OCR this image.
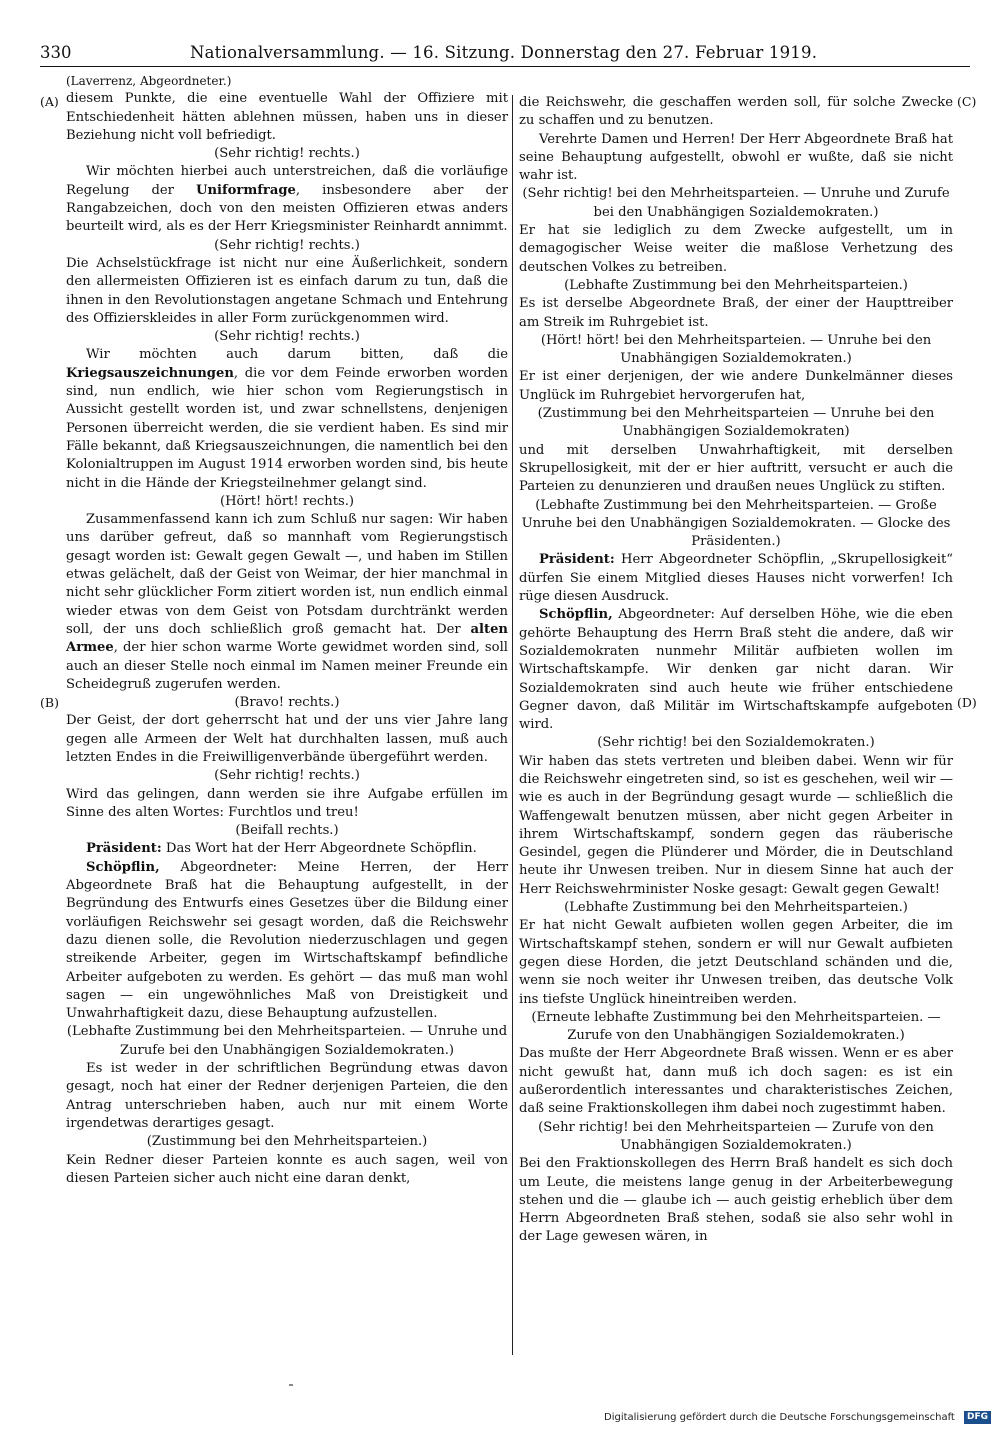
330	Nationalversammlung. — 16. Sitzung. Donnerstag den 27. Februar 1919.
(A)
(B)
(C)
(D)

(Laverrenz, Abgeordneter.)

diesem Punkte, die eine eventuelle Wahl der Offiziere mit Entschiedenheit hätten ablehnen müssen, haben uns in dieser Beziehung nicht voll befriedigt.

(Sehr richtig! rechts.)

Wir möchten hierbei auch unterstreichen, daß die vorläufige Regelung der Uniformfrage, insbesondere aber der Rangabzeichen, doch von den meisten Offizieren etwas anders beurteilt wird, als es der Herr Kriegsminister Reinhardt annimmt.

(Sehr richtig! rechts.)

Die Achselstückfrage ist nicht nur eine Äußerlichkeit, sondern den allermeisten Offizieren ist es einfach darum zu tun, daß die ihnen in den Revolutionstagen angetane Schmach und Entehrung des Offizierskleides in aller Form zurückgenommen wird.

(Sehr richtig! rechts.)

Wir möchten auch darum bitten, daß die Kriegsauszeichnungen, die vor dem Feinde erworben worden sind, nun endlich, wie hier schon vom Regierungstisch in Aussicht gestellt worden ist, und zwar schnellstens, denjenigen Personen überreicht werden, die sie verdient haben. Es sind mir Fälle bekannt, daß Kriegsauszeichnungen, die namentlich bei den Kolonialtruppen im August 1914 erworben worden sind, bis heute nicht in die Hände der Kriegsteilnehmer gelangt sind.

(Hört! hört! rechts.)

Zusammenfassend kann ich zum Schluß nur sagen: Wir haben uns darüber gefreut, daß so mannhaft vom Regierungstisch gesagt worden ist: Gewalt gegen Gewalt —, und haben im Stillen etwas gelächelt, daß der Geist von Weimar, der hier manchmal in nicht sehr glücklicher Form zitiert worden ist, nun endlich einmal wieder etwas von dem Geist von Potsdam durchtränkt werden soll, der uns doch schließlich groß gemacht hat. Der alten Armee, der hier schon warme Worte gewidmet worden sind, soll auch an dieser Stelle noch einmal im Namen meiner Freunde ein Scheidegruß zugerufen werden.

(Bravo! rechts.)

Der Geist, der dort geherrscht hat und der uns vier Jahre lang gegen alle Armeen der Welt hat durchhalten lassen, muß auch letzten Endes in die Freiwilligenverbände übergeführt werden.

(Sehr richtig! rechts.)

Wird das gelingen, dann werden sie ihre Aufgabe erfüllen im Sinne des alten Wortes: Furchtlos und treu!

(Beifall rechts.)

Präsident: Das Wort hat der Herr Abgeordnete Schöpflin.

Schöpflin, Abgeordneter: Meine Herren, der Herr Abgeordnete Braß hat die Behauptung aufgestellt, in der Begründung des Entwurfs eines Gesetzes über die Bildung einer vorläufigen Reichswehr sei gesagt worden, daß die Reichswehr dazu dienen solle, die Revolution niederzuschlagen und gegen streikende Arbeiter, gegen im Wirtschaftskampf befindliche Arbeiter aufgeboten zu werden. Es gehört — das muß man wohl sagen — ein ungewöhnliches Maß von Dreistigkeit und Unwahrhaftigkeit dazu, diese Behauptung aufzustellen.

(Lebhafte Zustimmung bei den Mehrheitsparteien. — Unruhe und Zurufe bei den Unabhängigen Sozialdemokraten.)

Es ist weder in der schriftlichen Begründung etwas davon gesagt, noch hat einer der Redner derjenigen Parteien, die den Antrag unterschrieben haben, auch nur mit einem Worte irgendetwas derartiges gesagt.

(Zustimmung bei den Mehrheitsparteien.)

Kein Redner dieser Parteien konnte es auch sagen, weil von diesen Parteien sicher auch nicht eine daran denkt,

die Reichswehr, die geschaffen werden soll, für solche Zwecke zu schaffen und zu benutzen.

Verehrte Damen und Herren! Der Herr Abgeordnete Braß hat seine Behauptung aufgestellt, obwohl er wußte, daß sie nicht wahr ist.

(Sehr richtig! bei den Mehrheitsparteien. — Unruhe und Zurufe bei den Unabhängigen Sozialdemokraten.)

Er hat sie lediglich zu dem Zwecke aufgestellt, um in demagogischer Weise weiter die maßlose Verhetzung des deutschen Volkes zu betreiben.

(Lebhafte Zustimmung bei den Mehrheitsparteien.)

Es ist derselbe Abgeordnete Braß, der einer der Haupttreiber am Streik im Ruhrgebiet ist.

(Hört! hört! bei den Mehrheitsparteien. — Unruhe bei den Unabhängigen Sozialdemokraten.)

Er ist einer derjenigen, der wie andere Dunkelmänner dieses Unglück im Ruhrgebiet hervorgerufen hat,

(Zustimmung bei den Mehrheitsparteien — Unruhe bei den Unabhängigen Sozialdemokraten)

und mit derselben Unwahrhaftigkeit, mit derselben Skrupellosigkeit, mit der er hier auftritt, versucht er auch die Parteien zu denunzieren und draußen neues Unglück zu stiften.

(Lebhafte Zustimmung bei den Mehrheitsparteien. — Große Unruhe bei den Unabhängigen Sozialdemokraten. — Glocke des Präsidenten.)

Präsident: Herr Abgeordneter Schöpflin, „Skrupellosigkeit“ dürfen Sie einem Mitglied dieses Hauses nicht vorwerfen! Ich rüge diesen Ausdruck.

Schöpflin, Abgeordneter: Auf derselben Höhe, wie die eben gehörte Behauptung des Herrn Braß steht die andere, daß wir Sozialdemokraten nunmehr Militär aufbieten wollen im Wirtschaftskampfe. Wir denken gar nicht daran. Wir Sozialdemokraten sind auch heute wie früher entschiedene Gegner davon, daß Militär im Wirtschaftskampfe aufgeboten wird.

(Sehr richtig! bei den Sozialdemokraten.)

Wir haben das stets vertreten und bleiben dabei. Wenn wir für die Reichswehr eingetreten sind, so ist es geschehen, weil wir — wie es auch in der Begründung gesagt wurde — schließlich die Waffengewalt benutzen müssen, aber nicht gegen Arbeiter in ihrem Wirtschaftskampf, sondern gegen das räuberische Gesindel, gegen die Plünderer und Mörder, die in Deutschland heute ihr Unwesen treiben. Nur in diesem Sinne hat auch der Herr Reichswehrminister Noske gesagt: Gewalt gegen Gewalt!

(Lebhafte Zustimmung bei den Mehrheitsparteien.)

Er hat nicht Gewalt aufbieten wollen gegen Arbeiter, die im Wirtschaftskampf stehen, sondern er will nur Gewalt aufbieten gegen diese Horden, die jetzt Deutschland schänden und die, wenn sie noch weiter ihr Unwesen treiben, das deutsche Volk ins tiefste Unglück hineintreiben werden.

(Erneute lebhafte Zustimmung bei den Mehrheitsparteien. — Zurufe von den Unabhängigen Sozialdemokraten.)

Das mußte der Herr Abgeordnete Braß wissen. Wenn er es aber nicht gewußt hat, dann muß ich doch sagen: es ist ein außerordentlich interessantes und charakteristisches Zeichen, daß seine Fraktionskollegen ihm dabei noch zugestimmt haben.

(Sehr richtig! bei den Mehrheitsparteien — Zurufe von den Unabhängigen Sozialdemokraten.)

Bei den Fraktionskollegen des Herrn Braß handelt es sich doch um Leute, die meistens lange genug in der Arbeiterbewegung stehen und die — glaube ich — auch geistig erheblich über dem Herrn Abgeordneten Braß stehen, sodaß sie also sehr wohl in der Lage gewesen wären, in

Digitalisierung gefördert durch die Deutsche Forschungsgemeinschaft DFG
